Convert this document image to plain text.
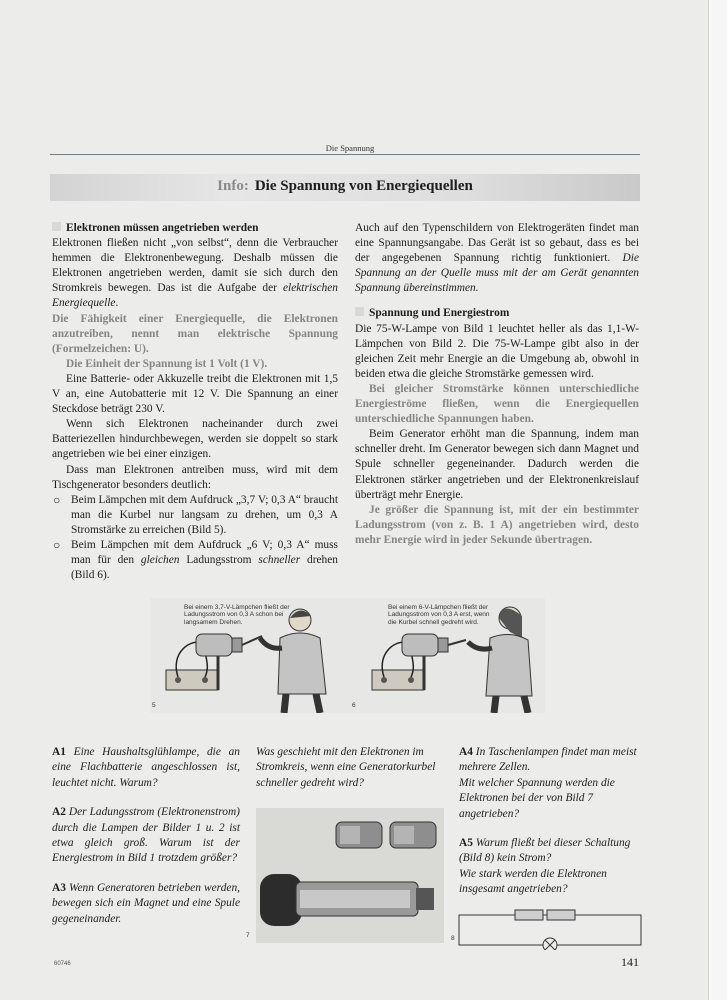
Die Spannung
Info: Die Spannung von Energiequellen

Elektronen müssen angetrieben werden

Elektronen fließen nicht „von selbst“, denn die Verbraucher hemmen die Elektronenbewegung. Deshalb müssen die Elektronen angetrieben werden, damit sie sich durch den Stromkreis bewegen. Das ist die Aufgabe der elektrischen Energiequelle.

Die Fähigkeit einer Energiequelle, die Elektronen anzutreiben, nennt man elektrische Spannung (Formelzeichen: U).

Die Einheit der Spannung ist 1 Volt (1 V).

Eine Batterie- oder Akkuzelle treibt die Elektronen mit 1,5 V an, eine Autobatterie mit 12 V. Die Spannung an einer Steckdose beträgt 230 V.

Wenn sich Elektronen nacheinander durch zwei Batteriezellen hindurchbewegen, werden sie doppelt so stark angetrieben wie bei einer einzigen.

Dass man Elektronen antreiben muss, wird mit dem Tischgenerator besonders deutlich:

○ Beim Lämpchen mit dem Aufdruck „3,7 V; 0,3 A“ braucht man die Kurbel nur langsam zu drehen, um 0,3 A Stromstärke zu erreichen (Bild 5).

○ Beim Lämpchen mit dem Aufdruck „6 V; 0,3 A“ muss man für den gleichen Ladungsstrom schneller drehen (Bild 6).

Auch auf den Typenschildern von Elektrogeräten findet man eine Spannungsangabe. Das Gerät ist so gebaut, dass es bei der angegebenen Spannung richtig funktioniert. Die Spannung an der Quelle muss mit der am Gerät genannten Spannung übereinstimmen.

Spannung und Energiestrom

Die 75-W-Lampe von Bild 1 leuchtet heller als das 1,1-W-Lämpchen von Bild 2. Die 75-W-Lampe gibt also in der gleichen Zeit mehr Energie an die Umgebung ab, obwohl in beiden etwa die gleiche Stromstärke gemessen wird.

Bei gleicher Stromstärke können unterschiedliche Energieströme fließen, wenn die Energiequellen unterschiedliche Spannungen haben.

Beim Generator erhöht man die Spannung, indem man schneller dreht. Im Generator bewegen sich dann Magnet und Spule schneller gegeneinander. Dadurch werden die Elektronen stärker angetrieben und der Elektronenkreislauf überträgt mehr Energie.

Je größer die Spannung ist, mit der ein bestimmter Ladungsstrom (von z. B. 1 A) angetrieben wird, desto mehr Energie wird in jeder Sekunde übertragen.

Bei einem 3,7-V-Lämpchen fließt der Ladungsstrom von 0,3 A schon bei langsamem Drehen.
5
Bei einem 6-V-Lämpchen fließt der Ladungsstrom von 0,3 A erst, wenn die Kurbel schnell gedreht wird.
6

A1 Eine Haushaltsglühlampe, die an eine Flachbatterie angeschlossen ist, leuchtet nicht. Warum?

A2 Der Ladungsstrom (Elektronenstrom) durch die Lampen der Bilder 1 u. 2 ist etwa gleich groß. Warum ist der Energiestrom in Bild 1 trotzdem größer?

A3 Wenn Generatoren betrieben werden, bewegen sich ein Magnet und eine Spule gegeneinander.

Was geschieht mit den Elektronen im Stromkreis, wenn eine Generatorkurbel schneller gedreht wird?

7

A4 In Taschenlampen findet man meist mehrere Zellen.
Mit welcher Spannung werden die Elektronen bei der von Bild 7 angetrieben?

A5 Warum fließt bei dieser Schaltung (Bild 8) kein Strom?
Wie stark werden die Elektronen insgesamt angetrieben?

8
60746	141
